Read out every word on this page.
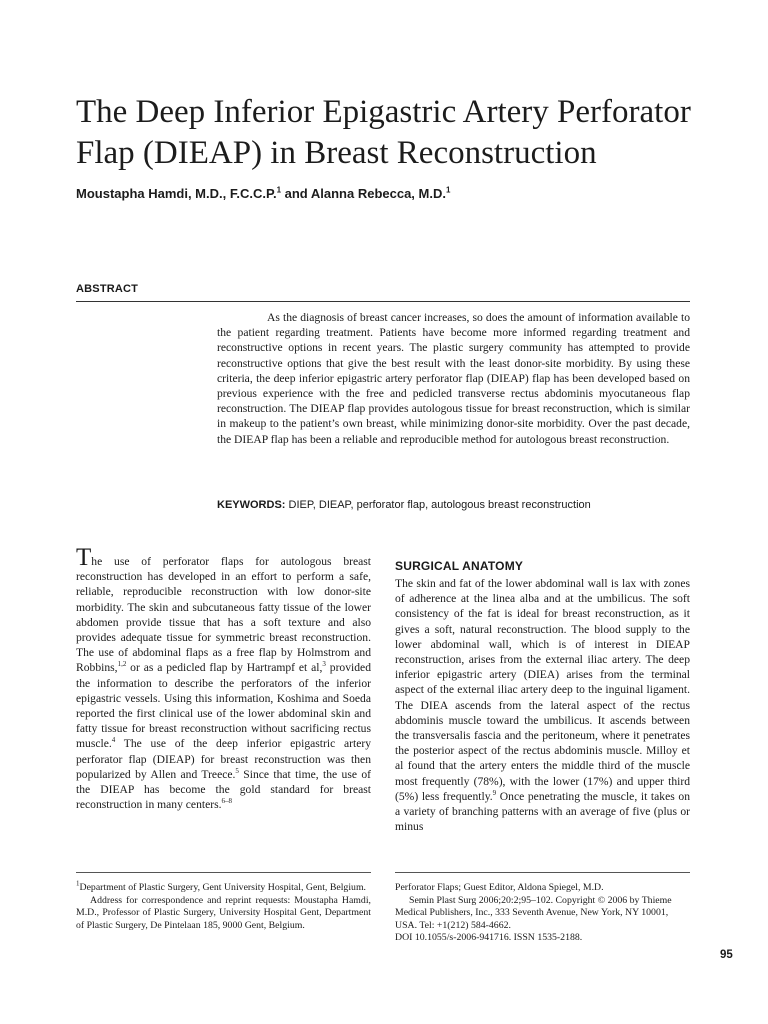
The Deep Inferior Epigastric Artery Perforator Flap (DIEAP) in Breast Reconstruction
Moustapha Hamdi, M.D., F.C.C.P.$^1$ and Alanna Rebecca, M.D.$^1$
ABSTRACT
As the diagnosis of breast cancer increases, so does the amount of information available to the patient regarding treatment. Patients have become more informed regarding treatment and reconstructive options in recent years. The plastic surgery community has attempted to provide reconstructive options that give the best result with the least donor-site morbidity. By using these criteria, the deep inferior epigastric artery perforator flap (DIEAP) flap has been developed based on previous experience with the free and pedicled transverse rectus abdominis myocutaneous flap reconstruction. The DIEAP flap provides autologous tissue for breast reconstruction, which is similar in makeup to the patient’s own breast, while minimizing donor-site morbidity. Over the past decade, the DIEAP flap has been a reliable and reproducible method for autologous breast reconstruction.
KEYWORDS: DIEP, DIEAP, perforator flap, autologous breast reconstruction
The use of perforator flaps for autologous breast reconstruction has developed in an effort to perform a safe, reliable, reproducible reconstruction with low donor-site morbidity. The skin and subcutaneous fatty tissue of the lower abdomen provide tissue that has a soft texture and also provides adequate tissue for symmetric breast reconstruction. The use of abdominal flaps as a free flap by Holmstrom and Robbins,$^{1,2}$ or as a pedicled flap by Hartrampf et al,$^3$ provided the information to describe the perforators of the inferior epigastric vessels. Using this information, Koshima and Soeda reported the first clinical use of the lower abdominal skin and fatty tissue for breast reconstruction without sacrificing rectus muscle.$^4$ The use of the deep inferior epigastric artery perforator flap (DIEAP) for breast reconstruction was then popularized by Allen and Treece.$^5$ Since that time, the use of the DIEAP has become the gold standard for breast reconstruction in many centers.$^{6-8}$
SURGICAL ANATOMY
The skin and fat of the lower abdominal wall is lax with zones of adherence at the linea alba and at the umbilicus. The soft consistency of the fat is ideal for breast reconstruction, as it gives a soft, natural reconstruction. The blood supply to the lower abdominal wall, which is of interest in DIEAP reconstruction, arises from the external iliac artery. The deep inferior epigastric artery (DIEA) arises from the terminal aspect of the external iliac artery deep to the inguinal ligament. The DIEA ascends from the lateral aspect of the rectus abdominis muscle toward the umbilicus. It ascends between the transversalis fascia and the peritoneum, where it penetrates the posterior aspect of the rectus abdominis muscle. Milloy et al found that the artery enters the middle third of the muscle most frequently (78%), with the lower (17%) and upper third (5%) less frequently.$^9$ Once penetrating the muscle, it takes on a variety of branching patterns with an average of five (plus or minus

$^1$Department of Plastic Surgery, Gent University Hospital, Gent, Belgium.

Address for correspondence and reprint requests: Moustapha Hamdi, M.D., Professor of Plastic Surgery, University Hospital Gent, Department of Plastic Surgery, De Pintelaan 185, 9000 Gent, Belgium.

Perforator Flaps; Guest Editor, Aldona Spiegel, M.D.

Semin Plast Surg 2006;20:2;95–102. Copyright © 2006 by Thieme Medical Publishers, Inc., 333 Seventh Avenue, New York, NY 10001, USA. Tel: +1(212) 584-4662.

DOI 10.1055/s-2006-941716. ISSN 1535-2188.

95
